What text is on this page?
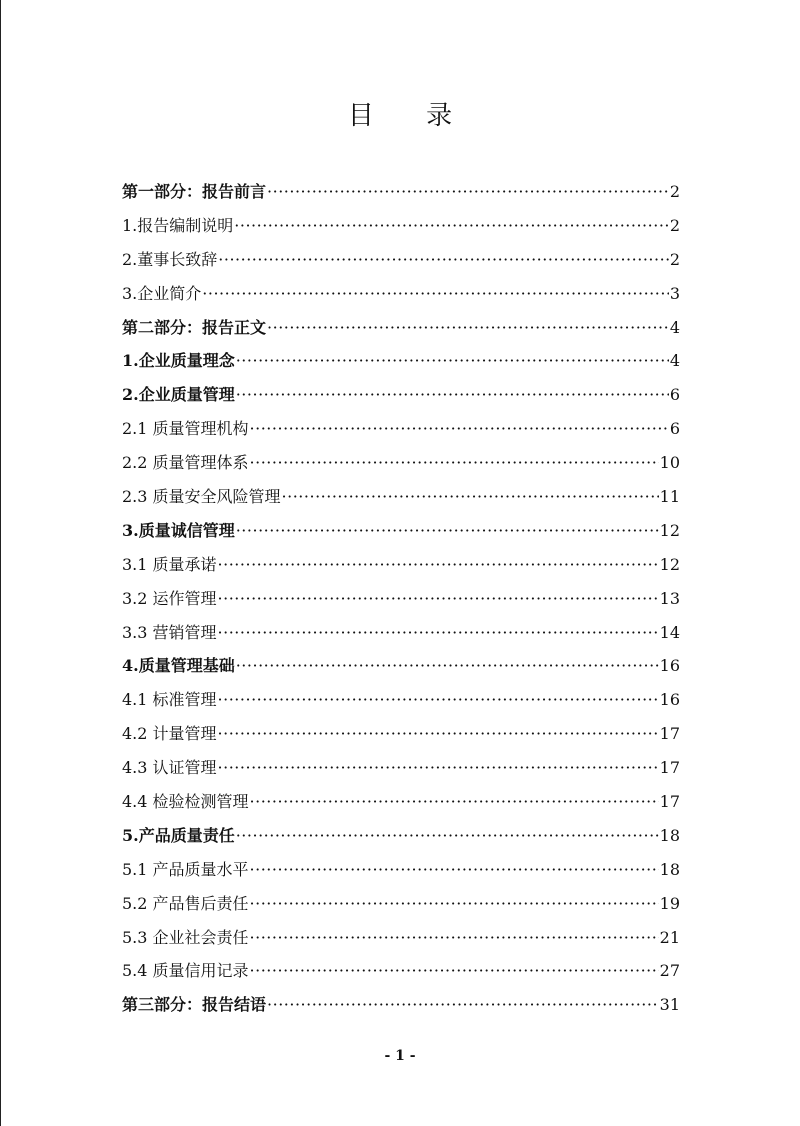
目 录
第一部分：报告前言 ·····	2
1.报告编制说明 ·····	2
2.董事长致辞 ·····	2
3.企业简介 ·····	3
第二部分：报告正文 ·····	4
1.企业质量理念 ·····	4
2.企业质量管理 ·····	6
2.1 质量管理机构 ·····	6
2.2 质量管理体系 ·····	10
2.3 质量安全风险管理 ·····	11
3.质量诚信管理 ·····	12
3.1 质量承诺 ·····	12
3.2 运作管理 ·····	13
3.3 营销管理 ·····	14
4.质量管理基础 ·····	16
4.1 标准管理 ·····	16
4.2 计量管理 ·····	17
4.3 认证管理 ·····	17
4.4 检验检测管理 ·····	17
5.产品质量责任 ·····	18
5.1 产品质量水平 ·····	18
5.2 产品售后责任 ·····	19
5.3 企业社会责任 ·····	21
5.4 质量信用记录 ·····	27
第三部分：报告结语 ·····	31
- 1 -
